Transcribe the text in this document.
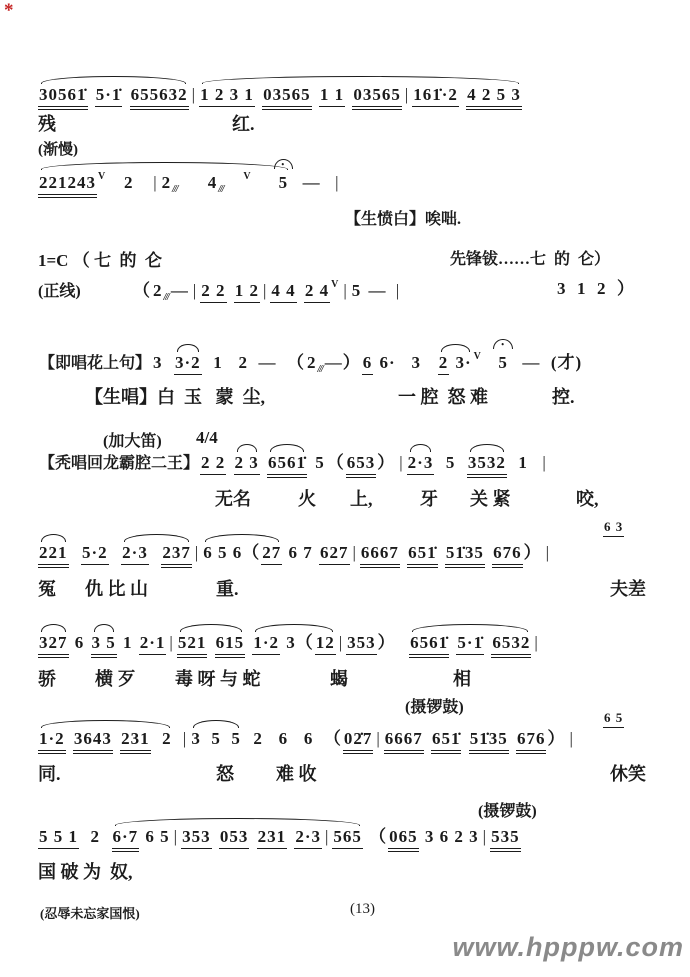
*
30561̇ 5·1̇ 655632 | 1 2 3 1 03565 1 1 03565 | 161̇·2 4 2 5 3
残	红.
(渐慢)
221243 V   2   | $2_{///}$ $4_{///}$   V 5 •  —  |
【生愤白】唉咄.
1=C （ 七  的  仑	先锋钹……七  的  仑）
(正线)	（ $2_{///}$ — | 2 2 1 2 | 4 4 2 4 V | 5 — |	3  1  2  ）
【即唱花上句】 3
3·2  1   2  —  （ $2_{///}$ —） 6 6·   3
2 3· V 5 •  —  (才)
【生唱】白  玉   蒙  尘,	一 腔  怒 难	控.
(加大笛) 4/4
【秃唱回龙霸腔二王】 2 2 2 3 6561̇ 5 （ 653 ） | 2·3  5
3532  1  |
无名	火 上,	牙 关 紧	咬,
6 3
221 5·2 2·3 237 | 6 5 6（ 27 6 7 627 | 6667 651̇ 51̇35 676 ） |
冤 仇 比 山	重.	夫差
327 6
3 5 1 2·1 | 521 615 1·2 3（ 12 | 353 ） 6561̇ 5·1̇ 6532 |
骄 横 歹 毒 呀 与 蛇	蝎	相
(摄锣鼓)
6 5
1·2 3643 231  2 | 3  5  5  2   6   6  （ 02̇7 | 6667 651̇ 51̇35 676 ） |
同.	怒 难 收	休笑
(摄锣鼓)
5 5 1  2
6·7 6 5 | 353 053 231 2·3 | 565 （ 065 3 6 2 3 | 535
国 破 为  奴,
(忍辱未忘家国恨)	(13)
www.hpppw.com
